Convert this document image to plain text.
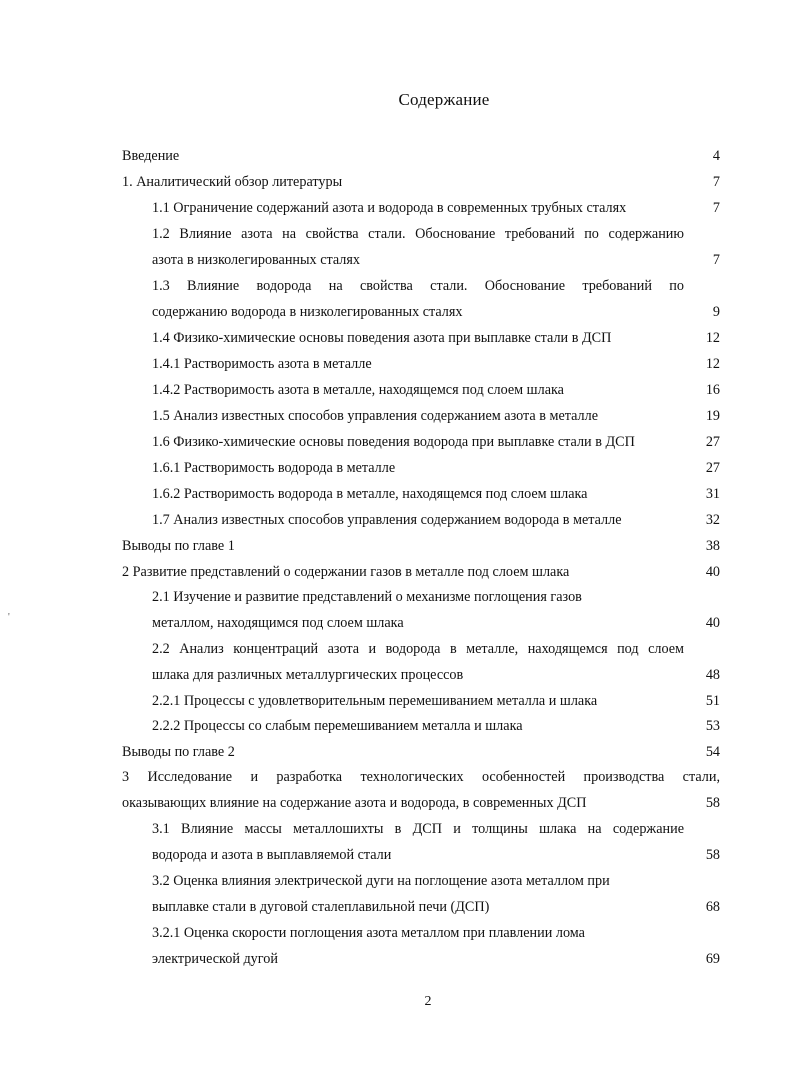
Содержание
Введение	4
1. Аналитический обзор литературы	7
1.1 Ограничение содержаний азота и водорода в современных трубных сталях	7
1.2 Влияние азота на свойства стали. Обоснование требований по содержанию
азота в низколегированных сталях	7
1.3 Влияние водорода на свойства стали. Обоснование требований по
содержанию водорода в низколегированных сталях	9
1.4 Физико-химические основы поведения азота при выплавке стали в ДСП	12
1.4.1 Растворимость азота в металле	12
1.4.2 Растворимость азота в металле, находящемся под слоем шлака	16
1.5 Анализ известных способов управления содержанием азота в металле	19
1.6 Физико-химические основы поведения водорода при выплавке стали в ДСП	27
1.6.1 Растворимость водорода в металле	27
1.6.2 Растворимость водорода в металле, находящемся под слоем шлака	31
1.7 Анализ известных способов управления содержанием водорода в металле	32
Выводы по главе 1	38
2 Развитие представлений о содержании газов в металле под слоем шлака	40
2.1 Изучение и развитие представлений о механизме поглощения газов
металлом, находящимся под слоем шлака	40
2.2 Анализ концентраций азота и водорода в металле, находящемся под слоем
шлака для различных металлургических процессов	48
2.2.1 Процессы с удовлетворительным перемешиванием металла и шлака	51
2.2.2 Процессы со слабым перемешиванием металла и шлака	53
Выводы по главе 2	54
3 Исследование и разработка технологических особенностей производства стали,
оказывающих влияние на содержание азота и водорода, в современных ДСП	58
3.1 Влияние массы металлошихты в ДСП и толщины шлака на содержание
водорода и азота в выплавляемой стали	58
3.2 Оценка влияния электрической дуги на поглощение азота металлом при
выплавке стали в дуговой сталеплавильной печи (ДСП)	68
3.2.1 Оценка скорости поглощения азота металлом при плавлении лома
электрической дугой	69
'
2
